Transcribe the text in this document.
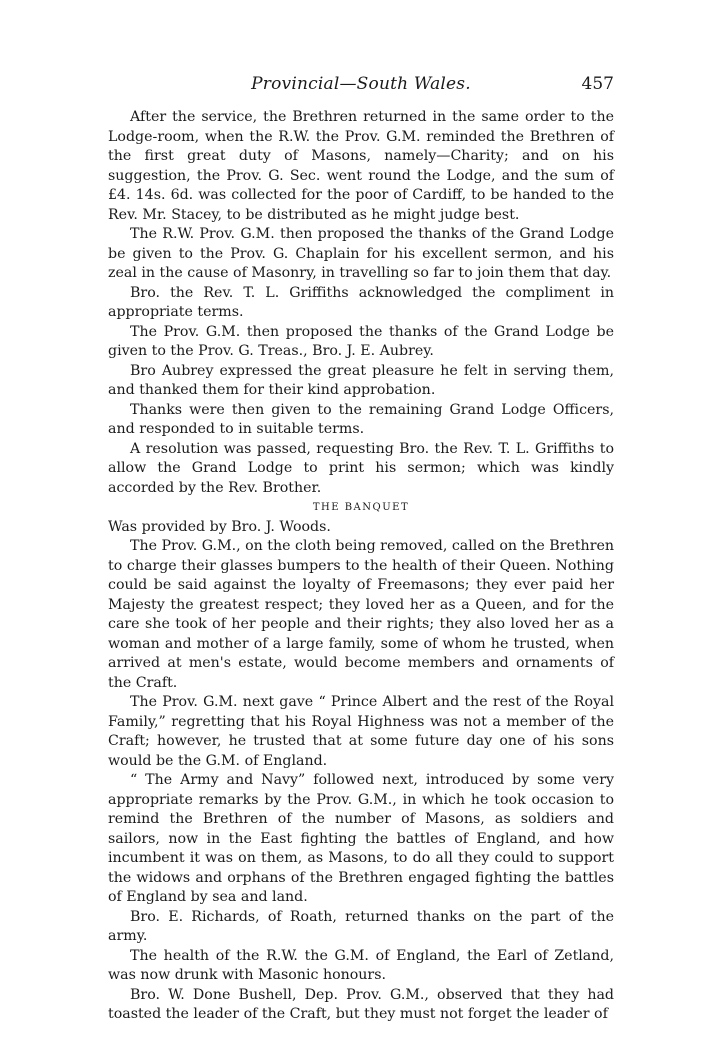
Provincial—South Wales.	457

After the service, the Brethren returned in the same order to the Lodge-room, when the R.W. the Prov. G.M. reminded the Brethren of the first great duty of Masons, namely—Charity; and on his suggestion, the Prov. G. Sec. went round the Lodge, and the sum of £4. 14s. 6d. was collected for the poor of Cardiff, to be handed to the Rev. Mr. Stacey, to be distributed as he might judge best.

The R.W. Prov. G.M. then proposed the thanks of the Grand Lodge be given to the Prov. G. Chaplain for his excellent sermon, and his zeal in the cause of Masonry, in travelling so far to join them that day.

Bro. the Rev. T. L. Griffiths acknowledged the compliment in appropriate terms.

The Prov. G.M. then proposed the thanks of the Grand Lodge be given to the Prov. G. Treas., Bro. J. E. Aubrey.

Bro Aubrey expressed the great pleasure he felt in serving them, and thanked them for their kind approbation.

Thanks were then given to the remaining Grand Lodge Officers, and responded to in suitable terms.

A resolution was passed, requesting Bro. the Rev. T. L. Griffiths to allow the Grand Lodge to print his sermon; which was kindly accorded by the Rev. Brother.

THE BANQUET

Was provided by Bro. J. Woods.

The Prov. G.M., on the cloth being removed, called on the Brethren to charge their glasses bumpers to the health of their Queen. Nothing could be said against the loyalty of Freemasons; they ever paid her Majesty the greatest respect; they loved her as a Queen, and for the care she took of her people and their rights; they also loved her as a woman and mother of a large family, some of whom he trusted, when arrived at men's estate, would become members and ornaments of the Craft.

The Prov. G.M. next gave “ Prince Albert and the rest of the Royal Family,” regretting that his Royal Highness was not a member of the Craft; however, he trusted that at some future day one of his sons would be the G.M. of England.

“ The Army and Navy” followed next, introduced by some very appropriate remarks by the Prov. G.M., in which he took occasion to remind the Brethren of the number of Masons, as soldiers and sailors, now in the East fighting the battles of England, and how incumbent it was on them, as Masons, to do all they could to support the widows and orphans of the Brethren engaged fighting the battles of England by sea and land.

Bro. E. Richards, of Roath, returned thanks on the part of the army.

The health of the R.W. the G.M. of England, the Earl of Zetland, was now drunk with Masonic honours.

Bro. W. Done Bushell, Dep. Prov. G.M., observed that they had toasted the leader of the Craft, but they must not forget the leader of
